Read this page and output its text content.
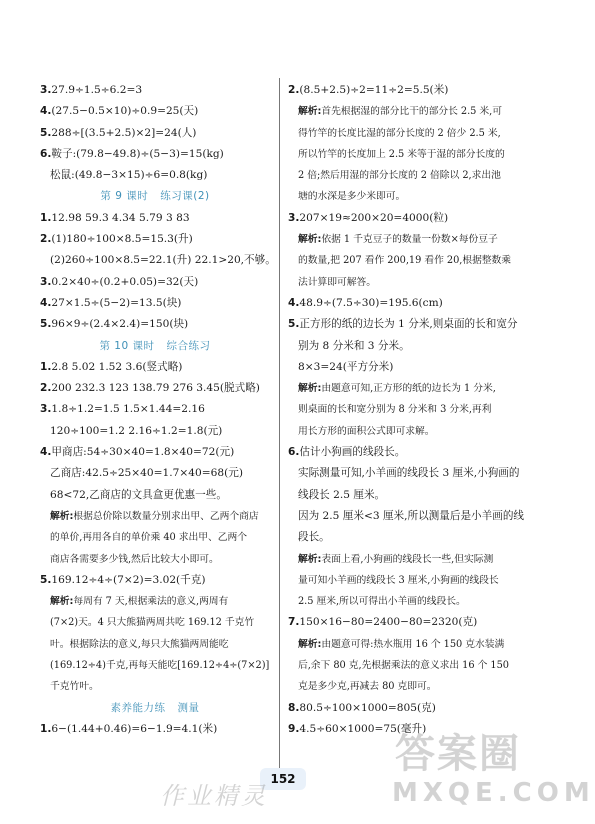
3.27.9÷1.5÷6.2=3
4.(27.5−0.5×10)÷0.9=25(天)
5.288÷[(3.5+2.5)×2]=24(人)
6.鞍子:(79.8−49.8)÷(5−3)=15(kg)
松鼠:(49.8−3×15)÷6=0.8(kg)
第 9 课时 练习课(2)
1.12.98 59.3 4.34 5.79 3 83
2.(1)180÷100×8.5=15.3(升)
(2)260÷100×8.5=22.1(升) 22.1>20,不够。
3.0.2×40÷(0.2+0.05)=32(天)
4.27×1.5÷(5−2)=13.5(块)
5.96×9÷(2.4×2.4)=150(块)
第 10 课时 综合练习
1.2.8 5.02 1.52 3.6(竖式略)
2.200 232.3 123 138.79 276 3.45(脱式略)
3.1.8÷1.2=1.5 1.5×1.44=2.16
120÷100=1.2 2.16÷1.2=1.8(元)
4.甲商店:54÷30×40=1.8×40=72(元)
乙商店:42.5÷25×40=1.7×40=68(元)
68<72,乙商店的文具盒更优惠一些。
解析:根据总价除以数量分别求出甲、乙两个商店
的单价,再用各自的单价乘 40 求出甲、乙两个
商店各需要多少钱,然后比较大小即可。
5.169.12÷4÷(7×2)=3.02(千克)
解析:每周有 7 天,根据乘法的意义,两周有
(7×2)天。4 只大熊猫两周共吃 169.12 千克竹
叶。根据除法的意义,每只大熊猫两周能吃
(169.12÷4)千克,再每天能吃[169.12÷4÷(7×2)]
千克竹叶。
素养能力练 测量
1.6−(1.44+0.46)=6−1.9=4.1(米)
2.(8.5+2.5)÷2=11÷2=5.5(米)
解析:首先根据湿的部分比干的部分长 2.5 米,可
得竹竿的长度比湿的部分长度的 2 倍少 2.5 米,
所以竹竿的长度加上 2.5 米等于湿的部分长度的
2 倍;然后用湿的部分长度的 2 倍除以 2,求出池
塘的水深是多少米即可。
3.207×19≈200×20=4000(粒)
解析:依据 1 千克豆子的数量一份数×每份豆子
的数量,把 207 看作 200,19 看作 20,根据整数乘
法计算即可解答。
4.48.9÷(7.5÷30)=195.6(cm)
5.正方形的纸的边长为 1 分米,则桌面的长和宽分
别为 8 分米和 3 分米。
8×3=24(平方分米)
解析:由题意可知,正方形的纸的边长为 1 分米,
则桌面的长和宽分别为 8 分米和 3 分米,再利
用长方形的面积公式即可求解。
6.估计小狗画的线段长。
实际测量可知,小羊画的线段长 3 厘米,小狗画的
线段长 2.5 厘米。
因为 2.5 厘米<3 厘米,所以测量后是小羊画的线
段长。
解析:表面上看,小狗画的线段长一些,但实际测
量可知小羊画的线段长 3 厘米,小狗画的线段长
2.5 厘米,所以可得出小羊画的线段长。
7.150×16−80=2400−80=2320(克)
解析:由题意可得:热水瓶用 16 个 150 克水装满
后,余下 80 克,先根据乘法的意义求出 16 个 150
克是多少克,再减去 80 克即可。
8.80.5÷100×1000=805(克)
9.4.5÷60×1000=75(毫升)
152
作业精灵
答案圈
MXQE.COM
